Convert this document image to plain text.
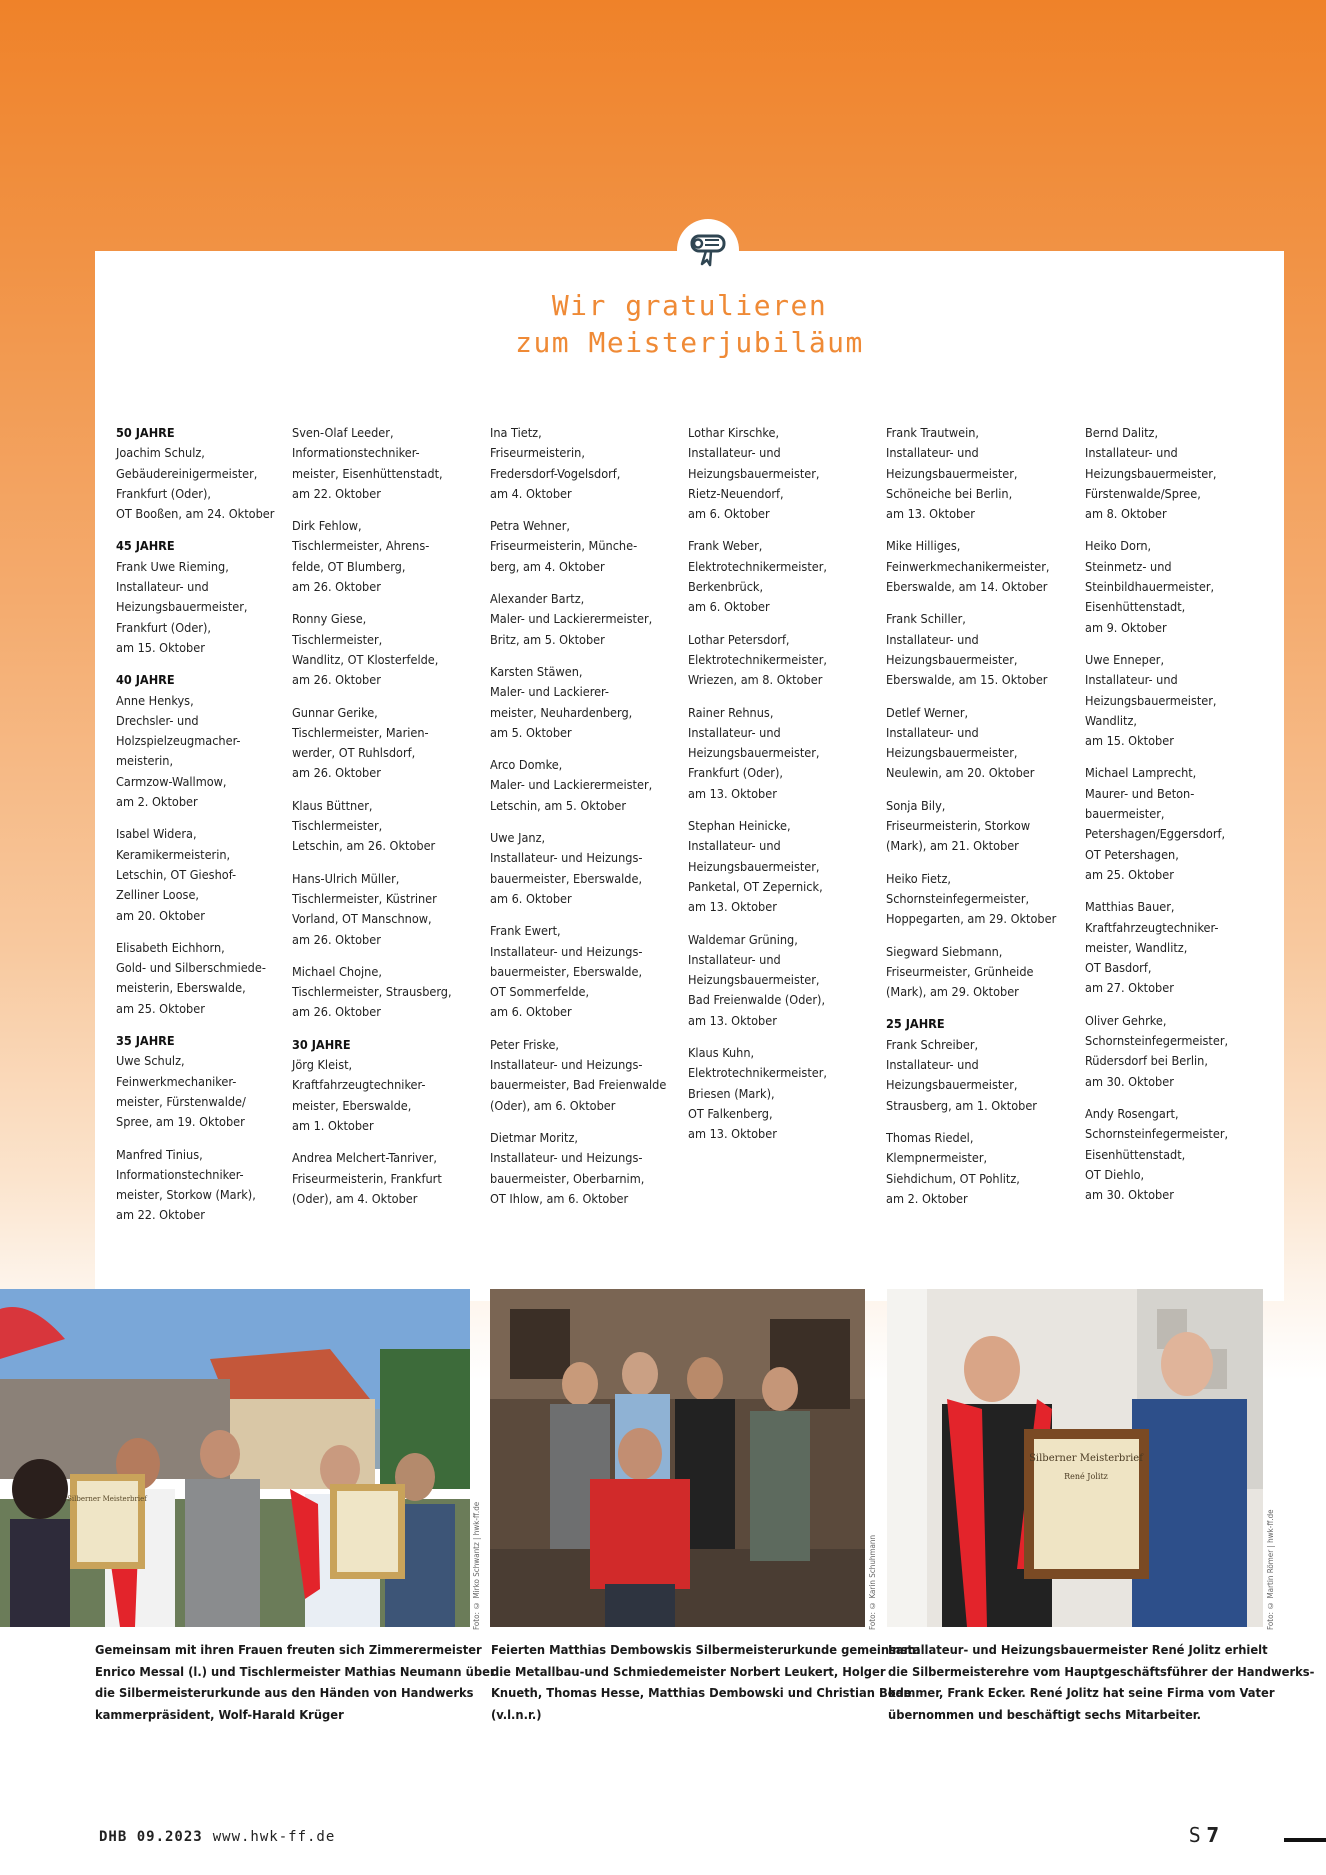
Wir gratulieren
zum Meisterjubiläum
50 JAHRE
Joachim Schulz,
Gebäudereinigermeister,
Frankfurt (Oder),
OT Booßen, am 24. Oktober
45 JAHRE
Frank Uwe Rieming,
Installateur- und
Heizungsbauermeister,
Frankfurt (Oder),
am 15. Oktober
40 JAHRE
Anne Henkys,
Drechsler- und
Holzspielzeugmacher-
meisterin,
Carmzow-Wallmow,
am 2. Oktober
Isabel Widera,
Keramikermeisterin,
Letschin, OT Gieshof-
Zelliner Loose,
am 20. Oktober
Elisabeth Eichhorn,
Gold- und Silberschmiede-
meisterin, Eberswalde,
am 25. Oktober
35 JAHRE
Uwe Schulz,
Feinwerkmechaniker-
meister, Fürstenwalde/
Spree, am 19. Oktober
Manfred Tinius,
Informationstechniker-
meister, Storkow (Mark),
am 22. Oktober
Sven-Olaf Leeder,
Informationstechniker-
meister, Eisenhüttenstadt,
am 22. Oktober
Dirk Fehlow,
Tischlermeister, Ahrens-
felde, OT Blumberg,
am 26. Oktober
Ronny Giese,
Tischlermeister,
Wandlitz, OT Klosterfelde,
am 26. Oktober
Gunnar Gerike,
Tischlermeister, Marien-
werder, OT Ruhlsdorf,
am 26. Oktober
Klaus Büttner,
Tischlermeister,
Letschin, am 26. Oktober
Hans-Ulrich Müller,
Tischlermeister, Küstriner
Vorland, OT Manschnow,
am 26. Oktober
Michael Chojne,
Tischlermeister, Strausberg,
am 26. Oktober
30 JAHRE
Jörg Kleist,
Kraftfahrzeugtechniker-
meister, Eberswalde,
am 1. Oktober
Andrea Melchert-Tanriver,
Friseurmeisterin, Frankfurt
(Oder), am 4. Oktober
Ina Tietz,
Friseurmeisterin,
Fredersdorf-Vogelsdorf,
am 4. Oktober
Petra Wehner,
Friseurmeisterin, Münche-
berg, am 4. Oktober
Alexander Bartz,
Maler- und Lackierermeister,
Britz, am 5. Oktober
Karsten Stäwen,
Maler- und Lackierer-
meister, Neuhardenberg,
am 5. Oktober
Arco Domke,
Maler- und Lackierermeister,
Letschin, am 5. Oktober
Uwe Janz,
Installateur- und Heizungs-
bauermeister, Eberswalde,
am 6. Oktober
Frank Ewert,
Installateur- und Heizungs-
bauermeister, Eberswalde,
OT Sommerfelde,
am 6. Oktober
Peter Friske,
Installateur- und Heizungs-
bauermeister, Bad Freienwalde
(Oder), am 6. Oktober
Dietmar Moritz,
Installateur- und Heizungs-
bauermeister, Oberbarnim,
OT Ihlow, am 6. Oktober
Lothar Kirschke,
Installateur- und
Heizungsbauermeister,
Rietz-Neuendorf,
am 6. Oktober
Frank Weber,
Elektrotechnikermeister,
Berkenbrück,
am 6. Oktober
Lothar Petersdorf,
Elektrotechnikermeister,
Wriezen, am 8. Oktober
Rainer Rehnus,
Installateur- und
Heizungsbauermeister,
Frankfurt (Oder),
am 13. Oktober
Stephan Heinicke,
Installateur- und
Heizungsbauermeister,
Panketal, OT Zepernick,
am 13. Oktober
Waldemar Grüning,
Installateur- und
Heizungsbauermeister,
Bad Freienwalde (Oder),
am 13. Oktober
Klaus Kuhn,
Elektrotechnikermeister,
Briesen (Mark),
OT Falkenberg,
am 13. Oktober
Frank Trautwein,
Installateur- und
Heizungsbauermeister,
Schöneiche bei Berlin,
am 13. Oktober
Mike Hilliges,
Feinwerkmechanikermeister,
Eberswalde, am 14. Oktober
Frank Schiller,
Installateur- und
Heizungsbauermeister,
Eberswalde, am 15. Oktober
Detlef Werner,
Installateur- und
Heizungsbauermeister,
Neulewin, am 20. Oktober
Sonja Bily,
Friseurmeisterin, Storkow
(Mark), am 21. Oktober
Heiko Fietz,
Schornsteinfegermeister,
Hoppegarten, am 29. Oktober
Siegward Siebmann,
Friseurmeister, Grünheide
(Mark), am 29. Oktober
25 JAHRE
Frank Schreiber,
Installateur- und
Heizungsbauermeister,
Strausberg, am 1. Oktober
Thomas Riedel,
Klempnermeister,
Siehdichum, OT Pohlitz,
am 2. Oktober
Bernd Dalitz,
Installateur- und
Heizungsbauermeister,
Fürstenwalde/Spree,
am 8. Oktober
Heiko Dorn,
Steinmetz- und
Steinbildhauermeister,
Eisenhüttenstadt,
am 9. Oktober
Uwe Enneper,
Installateur- und
Heizungsbauermeister,
Wandlitz,
am 15. Oktober
Michael Lamprecht,
Maurer- und Beton-
bauermeister,
Petershagen/Eggersdorf,
OT Petershagen,
am 25. Oktober
Matthias Bauer,
Kraftfahrzeugtechniker-
meister, Wandlitz,
OT Basdorf,
am 27. Oktober
Oliver Gehrke,
Schornsteinfegermeister,
Rüdersdorf bei Berlin,
am 30. Oktober
Andy Rosengart,
Schornsteinfegermeister,
Eisenhüttenstadt,
OT Diehlo,
am 30. Oktober
Silberner Meisterbrief
Foto: © Mirko Schwantz | hwk-ff.de	Foto: © Karin Schuhmann
Silberner Meisterbrief
René Jolitz
Foto: © Martin Römer | hwk-ff.de
Gemeinsam mit ihren Frauen freuten sich Zimmerermeister
Enrico Messal (l.) und Tischlermeister Mathias Neumann über
die Silbermeisterurkunde aus den Händen von Handwerks
kammerpräsident, Wolf-Harald Krüger
Feierten Matthias Dembowskis Silbermeisterurkunde gemeinsam:
die Metallbau-und Schmiedemeister Norbert Leukert, Holger
Knueth, Thomas Hesse, Matthias Dembowski und Christian Bode
(v.l.n.r.)
Installateur- und Heizungsbauermeister René Jolitz erhielt
die Silbermeisterehre vom Hauptgeschäftsführer der Handwerks-
kammer, Frank Ecker. René Jolitz hat seine Firma vom Vater
übernommen und beschäftigt sechs Mitarbeiter.
DHB 09.2023 www.hwk-ff.de	S 7
